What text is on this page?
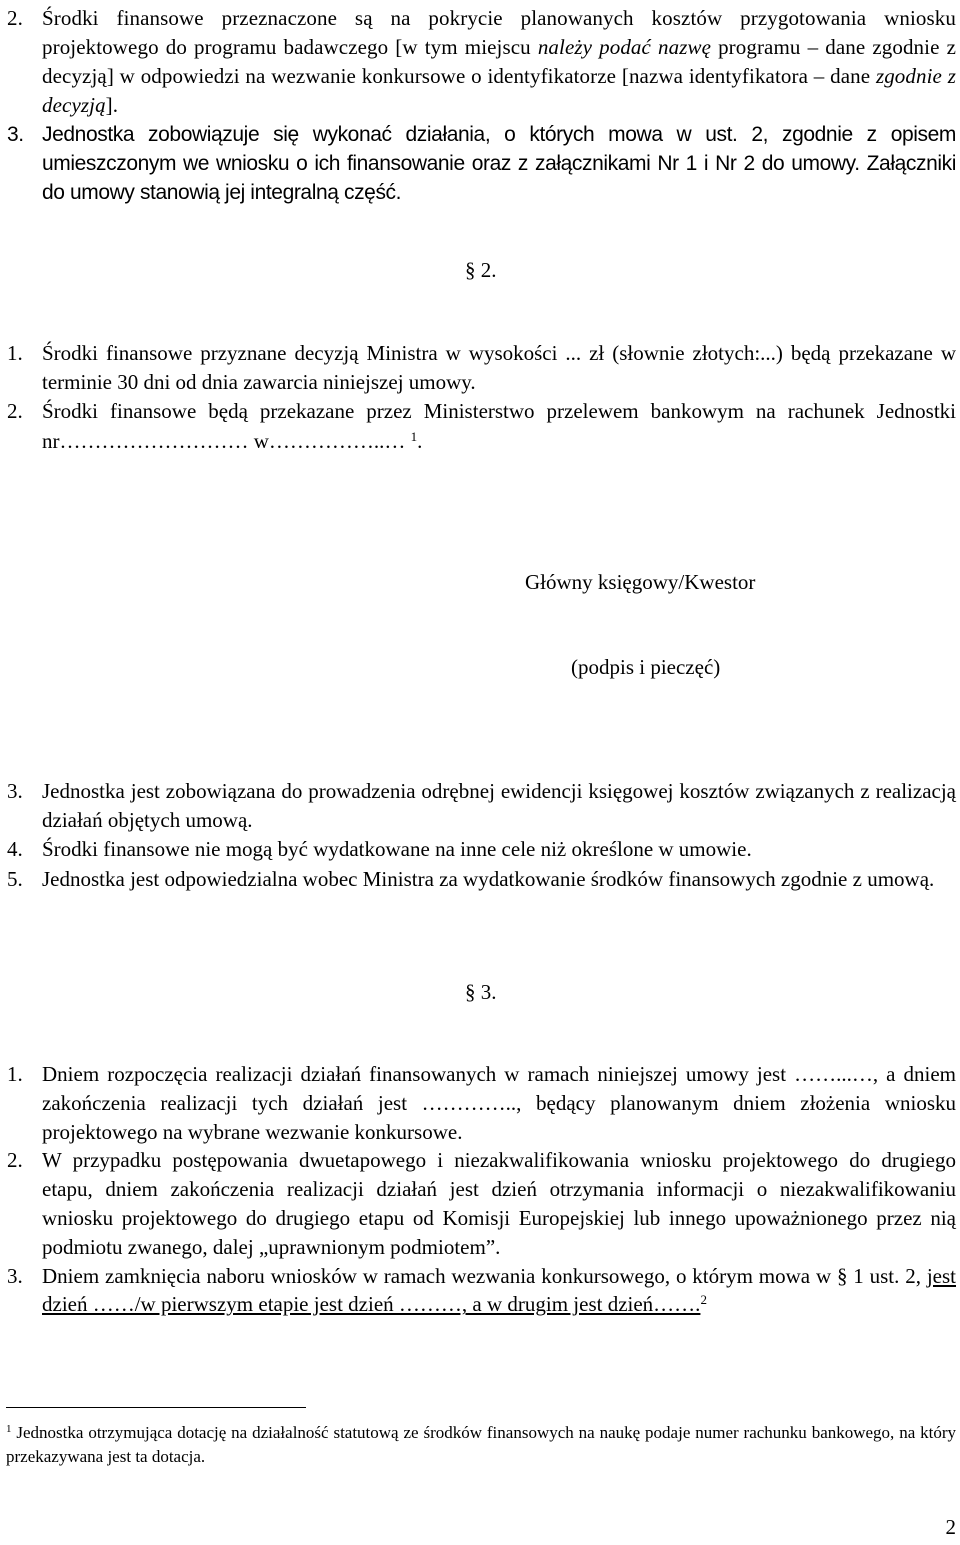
2. Środki finansowe przeznaczone są na pokrycie planowanych kosztów przygotowania wniosku projektowego do programu badawczego [w tym miejscu należy podać nazwę programu – dane zgodnie z decyzją] w odpowiedzi na wezwanie konkursowe o identyfikatorze [nazwa identyfikatora – dane zgodnie z decyzją].
3. Jednostka zobowiązuje się wykonać działania, o których mowa w ust. 2, zgodnie z opisem umieszczonym we wniosku o ich finansowanie oraz z załącznikami Nr 1 i Nr 2 do umowy. Załączniki do umowy stanowią jej integralną część.
§ 2.
1. Środki finansowe przyznane decyzją Ministra w wysokości ... zł (słownie złotych:...) będą przekazane w terminie 30 dni od dnia zawarcia niniejszej umowy.
2. Środki finansowe będą przekazane przez Ministerstwo przelewem bankowym na rachunek Jednostki nr……………………… w……………..… $^1$.
Główny księgowy/Kwestor
(podpis i pieczęć)
3. Jednostka jest zobowiązana do prowadzenia odrębnej ewidencji księgowej kosztów związanych z realizacją działań objętych umową.
4. Środki finansowe nie mogą być wydatkowane na inne cele niż określone w umowie.
5. Jednostka jest odpowiedzialna wobec Ministra za wydatkowanie środków finansowych zgodnie z umową.
§ 3.
1. Dniem rozpoczęcia realizacji działań finansowanych w ramach niniejszej umowy jest ……...…, a dniem zakończenia realizacji tych działań jest ………….., będący planowanym dniem złożenia wniosku projektowego na wybrane wezwanie konkursowe.
2. W przypadku postępowania dwuetapowego i niezakwalifikowania wniosku projektowego do drugiego etapu, dniem zakończenia realizacji działań jest dzień otrzymania informacji o niezakwalifikowaniu wniosku projektowego do drugiego etapu od Komisji Europejskiej lub innego upoważnionego przez nią podmiotu zwanego, dalej „uprawnionym podmiotem”.
3. Dniem zamknięcia naboru wniosków w ramach wezwania konkursowego, o którym mowa w § 1 ust. 2, jest dzień ……/w pierwszym etapie jest dzień ………, a w drugim jest dzień…….$^2$
$^1$ Jednostka otrzymująca dotację na działalność statutową ze środków finansowych na naukę podaje numer rachunku bankowego, na który przekazywana jest ta dotacja.
2
